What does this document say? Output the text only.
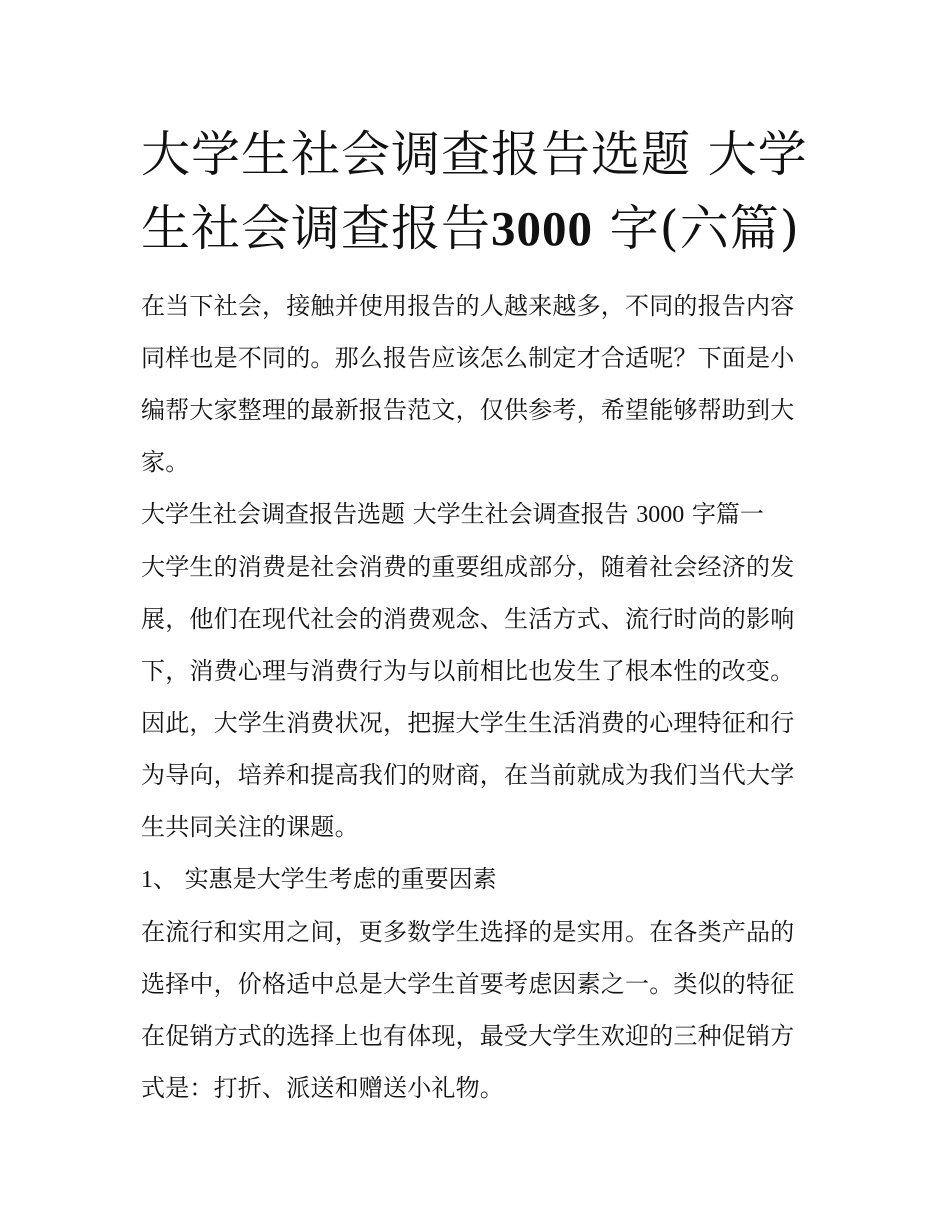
大学生社会调查报告选题 大学生社会调查报告3000 字(六篇)

在当下社会，接触并使用报告的人越来越多，不同的报告内容同样也是不同的。那么报告应该怎么制定才合适呢？下面是小编帮大家整理的最新报告范文，仅供参考，希望能够帮助到大家。

大学生社会调查报告选题 大学生社会调查报告 3000 字篇一

大学生的消费是社会消费的重要组成部分，随着社会经济的发展，他们在现代社会的消费观念、生活方式、流行时尚的影响下，消费心理与消费行为与以前相比也发生了根本性的改变。因此，大学生消费状况，把握大学生生活消费的心理特征和行为导向，培养和提高我们的财商，在当前就成为我们当代大学生共同关注的课题。

1、 实惠是大学生考虑的重要因素

在流行和实用之间，更多数学生选择的是实用。在各类产品的选择中，价格适中总是大学生首要考虑因素之一。类似的特征在促销方式的选择上也有体现，最受大学生欢迎的三种促销方式是：打折、派送和赠送小礼物。
